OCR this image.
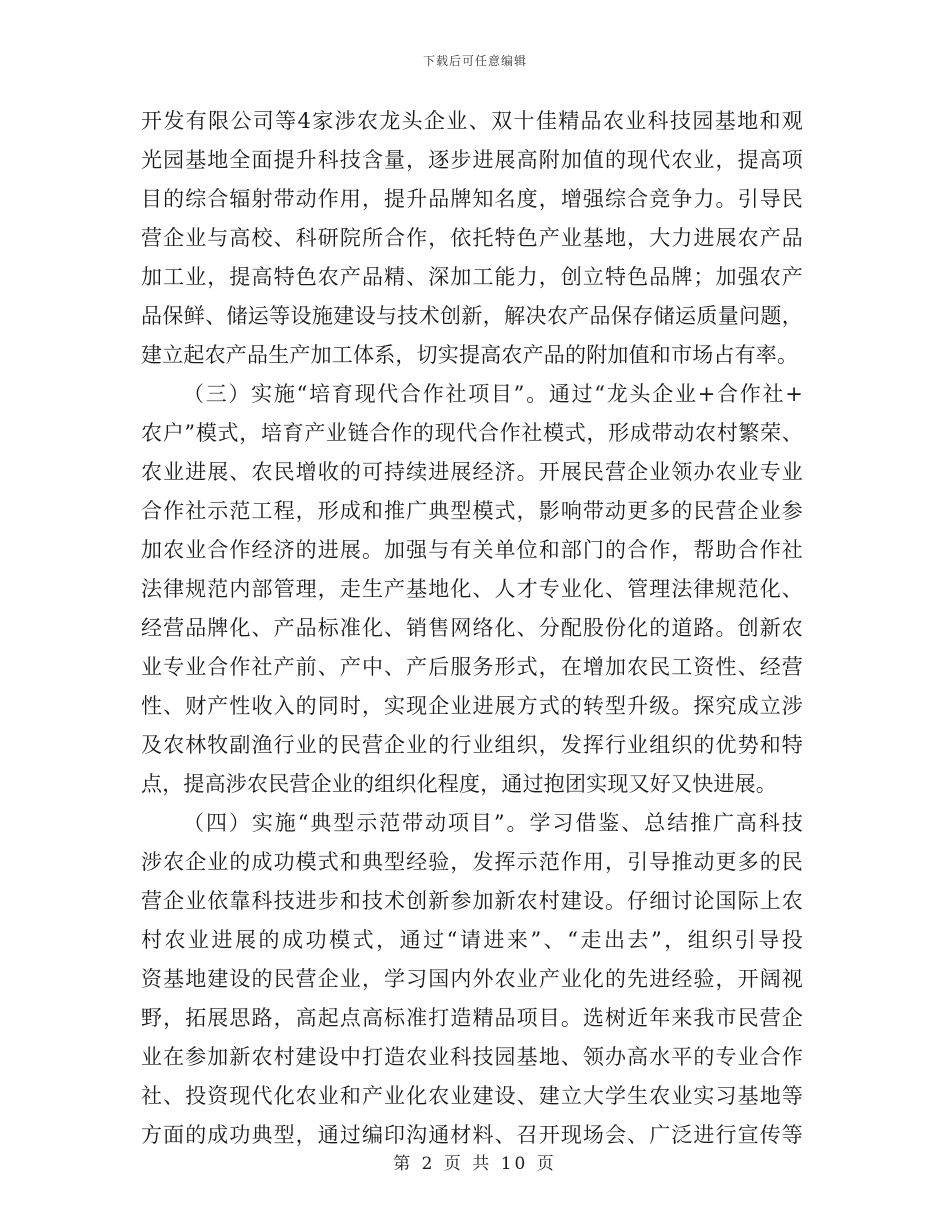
下载后可任意编辑
开发有限公司等4家涉农龙头企业、双十佳精品农业科技园基地和观
光园基地全面提升科技含量，逐步进展高附加值的现代农业，提高项
目的综合辐射带动作用，提升品牌知名度，增强综合竞争力。引导民
营企业与高校、科研院所合作，依托特色产业基地，大力进展农产品
加工业，提高特色农产品精、深加工能力，创立特色品牌；加强农产
品保鲜、储运等设施建设与技术创新，解决农产品保存储运质量问题，
建立起农产品生产加工体系，切实提高农产品的附加值和市场占有率。
（三）实施“培育现代合作社项目”。通过“龙头企业+合作社+
农户”模式，培育产业链合作的现代合作社模式，形成带动农村繁荣、
农业进展、农民增收的可持续进展经济。开展民营企业领办农业专业
合作社示范工程，形成和推广典型模式，影响带动更多的民营企业参
加农业合作经济的进展。加强与有关单位和部门的合作，帮助合作社
法律规范内部管理，走生产基地化、人才专业化、管理法律规范化、
经营品牌化、产品标准化、销售网络化、分配股份化的道路。创新农
业专业合作社产前、产中、产后服务形式，在增加农民工资性、经营
性、财产性收入的同时，实现企业进展方式的转型升级。探究成立涉
及农林牧副渔行业的民营企业的行业组织，发挥行业组织的优势和特
点，提高涉农民营企业的组织化程度，通过抱团实现又好又快进展。
（四）实施“典型示范带动项目”。学习借鉴、总结推广高科技
涉农企业的成功模式和典型经验，发挥示范作用，引导推动更多的民
营企业依靠科技进步和技术创新参加新农村建设。仔细讨论国际上农
村农业进展的成功模式，通过“请进来”、“走出去”，组织引导投
资基地建设的民营企业，学习国内外农业产业化的先进经验，开阔视
野，拓展思路，高起点高标准打造精品项目。选树近年来我市民营企
业在参加新农村建设中打造农业科技园基地、领办高水平的专业合作
社、投资现代化农业和产业化农业建设、建立大学生农业实习基地等
方面的成功典型，通过编印沟通材料、召开现场会、广泛进行宣传等
第 2 页 共 10 页
